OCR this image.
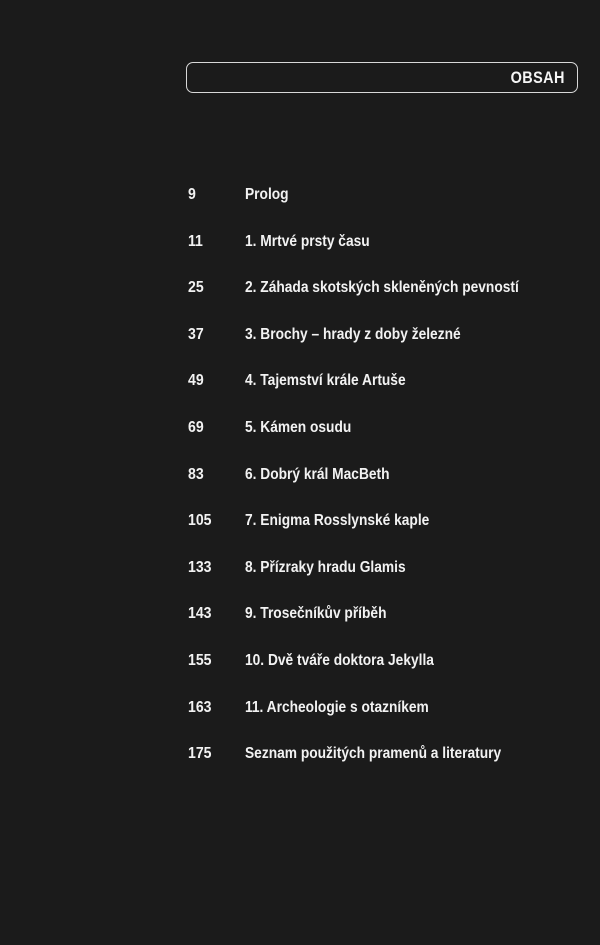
OBSAH
9	Prolog
11	1. Mrtvé prsty času
25	2. Záhada skotských skleněných pevností
37	3. Brochy – hrady z doby železné
49	4. Tajemství krále Artuše
69	5. Kámen osudu
83	6. Dobrý král MacBeth
105 7. Enigma Rosslynské kaple
133 8. Přízraky hradu Glamis
143 9. Trosečníkův příběh
155 10. Dvě tváře doktora Jekylla
163 11. Archeologie s otazníkem
175 Seznam použitých pramenů a literatury
